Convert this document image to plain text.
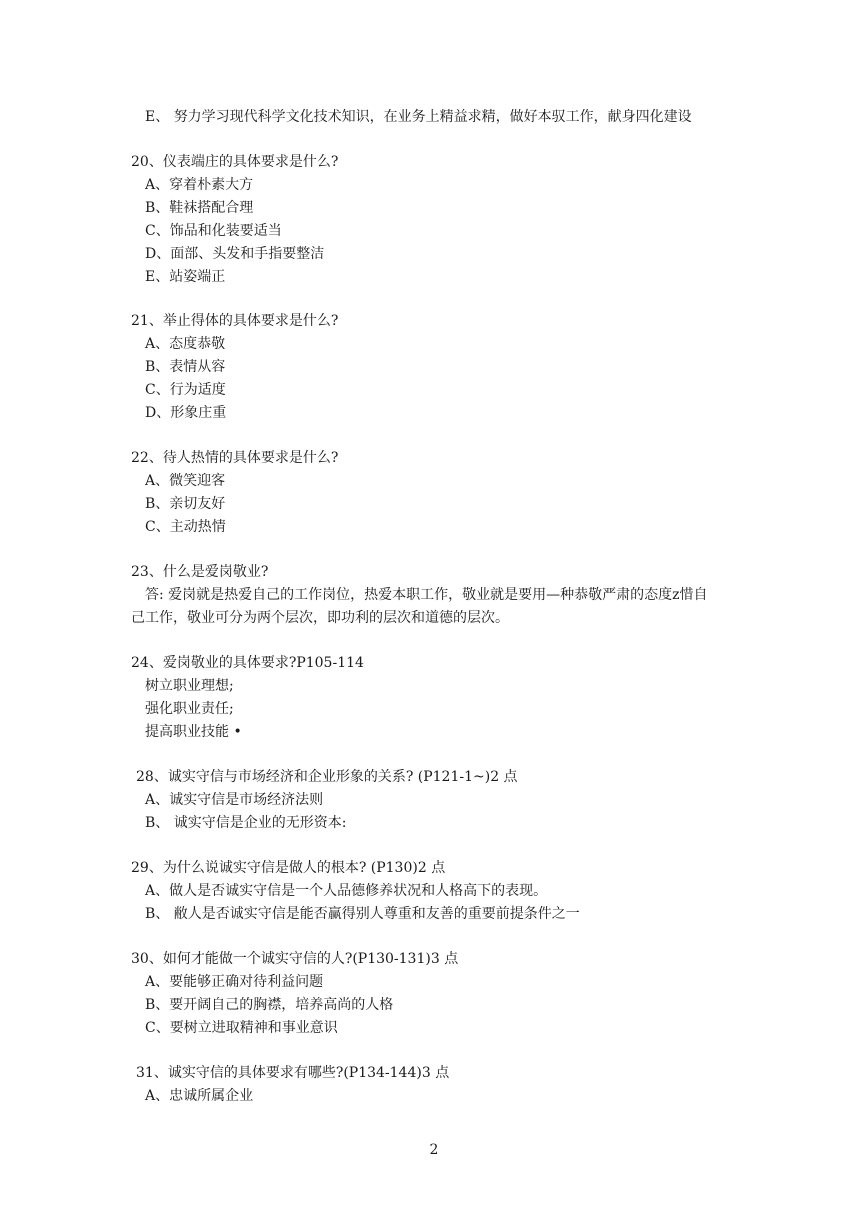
E、 努力学习现代科学文化技术知识，在业务上精益求精，做好本驭工作，献身四化建设
20、仪表端庄的具体要求是什么?
A、穿着朴素大方
B、鞋袜搭配合理
C、饰品和化装要适当
D、面部、头发和手指要整洁
E、站姿端正
21、举止得体的具体要求是什么?
A、态度恭敬
B、表情从容
C、行为适度
D、形象庄重
22、待人热情的具体要求是什么?
A、微笑迎客
B、亲切友好
C、主动热情
23、什么是爱岗敬业?
答: 爱岗就是热爱自己的工作岗位，热爱本职工作，敬业就是要用—种恭敬严肃的态度z惜自
己工作，敬业可分为两个层次，即功利的层次和道德的层次。
24、爱岗敬业的具体要求?P105-114
树立职业理想;
强化职业责任;
提高职业技能 •
28、诚实守信与市场经济和企业形象的关系? (P121-1~)2 点
A、诚实守信是市场经济法则
B、 诚实守信是企业的无形资本:
29、为什么说诚实守信是做人的根本? (P130)2 点
A、做人是否诚实守信是一个人品德修养状况和人格高下的表现。
B、 敝人是否诚实守信是能否赢得别人尊重和友善的重要前提条件之一
30、如何才能做一个诚实守信的人?(P130-131)3 点
A、要能够正确对待利益问题
B、要开阔自己的胸襟，培养高尚的人格
C、要树立进取精神和事业意识
31、诚实守信的具体要求有哪些?(P134-144)3 点
A、忠诚所属企业
2
